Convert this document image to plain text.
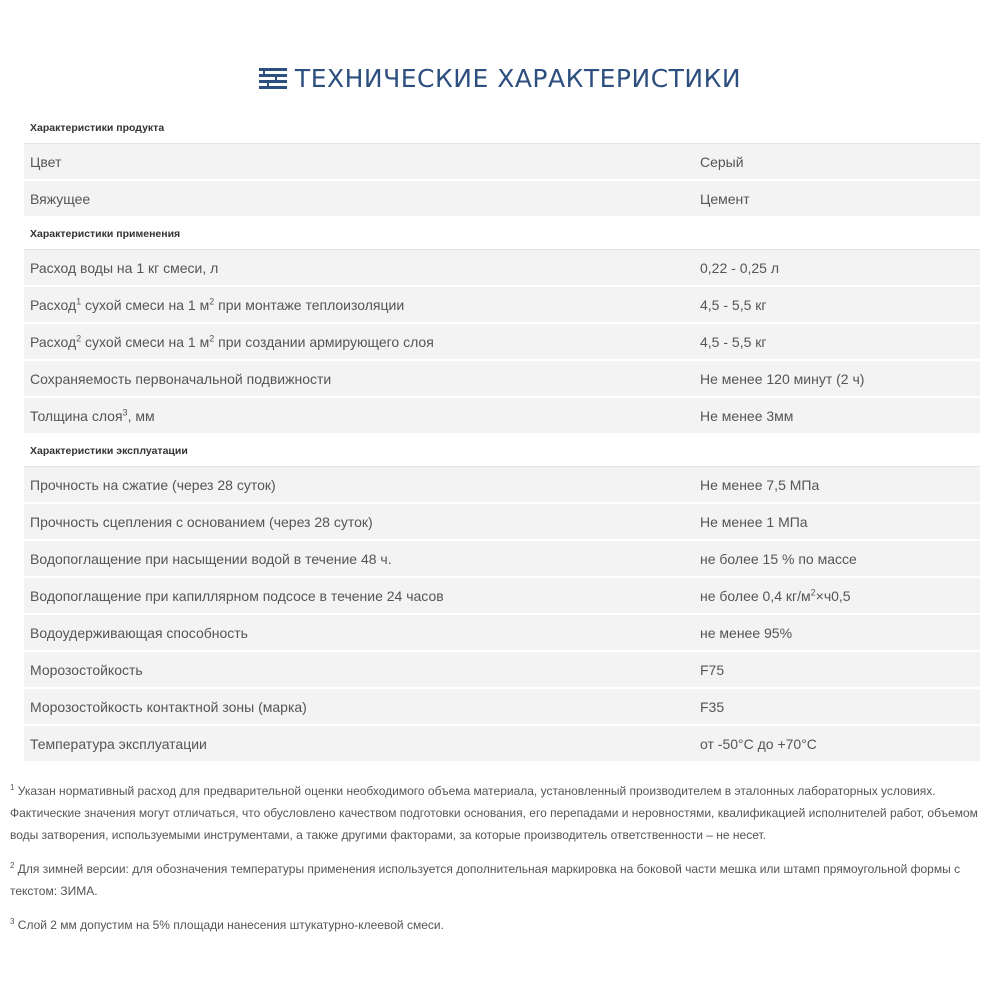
ТЕХНИЧЕСКИЕ ХАРАКТЕРИСТИКИ
Характеристики продукта	
Цвет	Серый
Вяжущее	Цемент
Характеристики применения	
Расход воды на 1 кг смеси, л	0,22 - 0,25 л
Расход$^1$ сухой смеси на 1 $м^2$ при монтаже теплоизоляции	4,5 - 5,5 кг
Расход$^2$ сухой смеси на 1 $м^2$ при создании армирующего слоя	4,5 - 5,5 кг
Сохраняемость первоначальной подвижности	Не менее 120 минут (2 ч)
Толщина слоя$^3$, мм	Не менее 3мм
Характеристики эксплуатации	
Прочность на сжатие (через 28 суток)	Не менее 7,5 МПа
Прочность сцепления с основанием (через 28 суток)	Не менее 1 МПа
Водопоглащение при насыщении водой в течение 48 ч.	не более 15 % по массе
Водопоглащение при капиллярном подсосе в течение 24 часов	не более 0,4 $кг/м^2\times ч0,5$
Водоудерживающая способность	не менее 95%
Морозостойкость	F75
Морозостойкость контактной зоны (марка)	F35
Температура эксплуатации	от -50°С до +70°С

$^1$ Указан нормативный расход для предварительной оценки необходимого объема материала, установленный производителем в эталонных лабораторных условиях. Фактические значения могут отличаться, что обусловлено качеством подготовки основания, его перепадами и неровностями, квалификацией исполнителей работ, объемом воды затворения, используемыми инструментами, а также другими факторами, за которые производитель ответственности – не несет.

$^2$ Для зимней версии: для обозначения температуры применения используется дополнительная маркировка на боковой части мешка или штамп прямоугольной формы с текстом: ЗИМА.

$^3$ Слой 2 мм допустим на 5% площади нанесения штукатурно-клеевой смеси.
